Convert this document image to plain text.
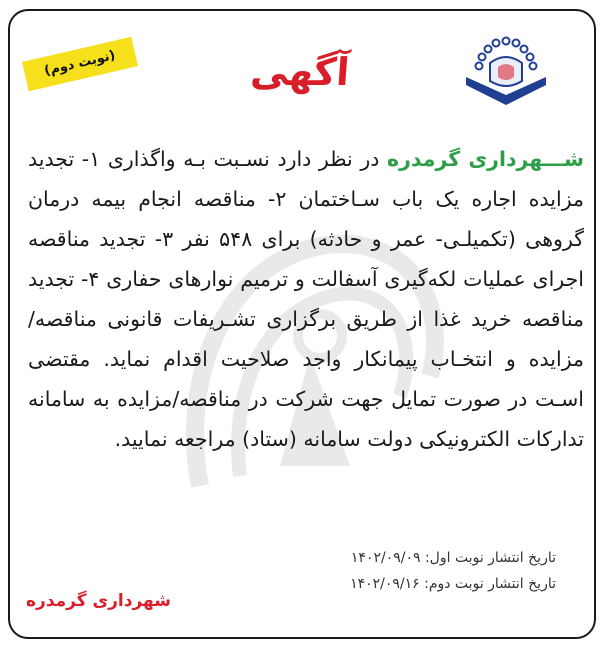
آگهی
(نوبت دوم)

شـــهرداری گرمدره در نظر دارد نسـبت بـه واگذاری ۱- تجدید مزایده اجاره یک باب سـاختمان ۲- مناقصه انجام بیمه درمان گروهی (تکمیلـی- عمر و حادثه) برای ۵۴۸ نفر ۳- تجدید مناقصه اجرای عملیات لکه‌گیری آسفالت و ترمیم نوارهای حفاری ۴- تجدید مناقصه خرید غذا از طریق برگزاری تشـریفات قانونی مناقصه/ مزایده و انتخـاب پیمانکار واجد صلاحیت اقدام نماید. مقتضی اسـت در صورت تمایل جهت شرکت در مناقصه/مزایده به سامانه تدارکات الکترونیکی دولت سامانه (ستاد) مراجعه نمایید.

تاریخ انتشار نوبت اول: ۱۴۰۲/۰۹/۰۹
تاریخ انتشار نوبت دوم: ۱۴۰۲/۰۹/۱۶
شهرداری گرمدره
